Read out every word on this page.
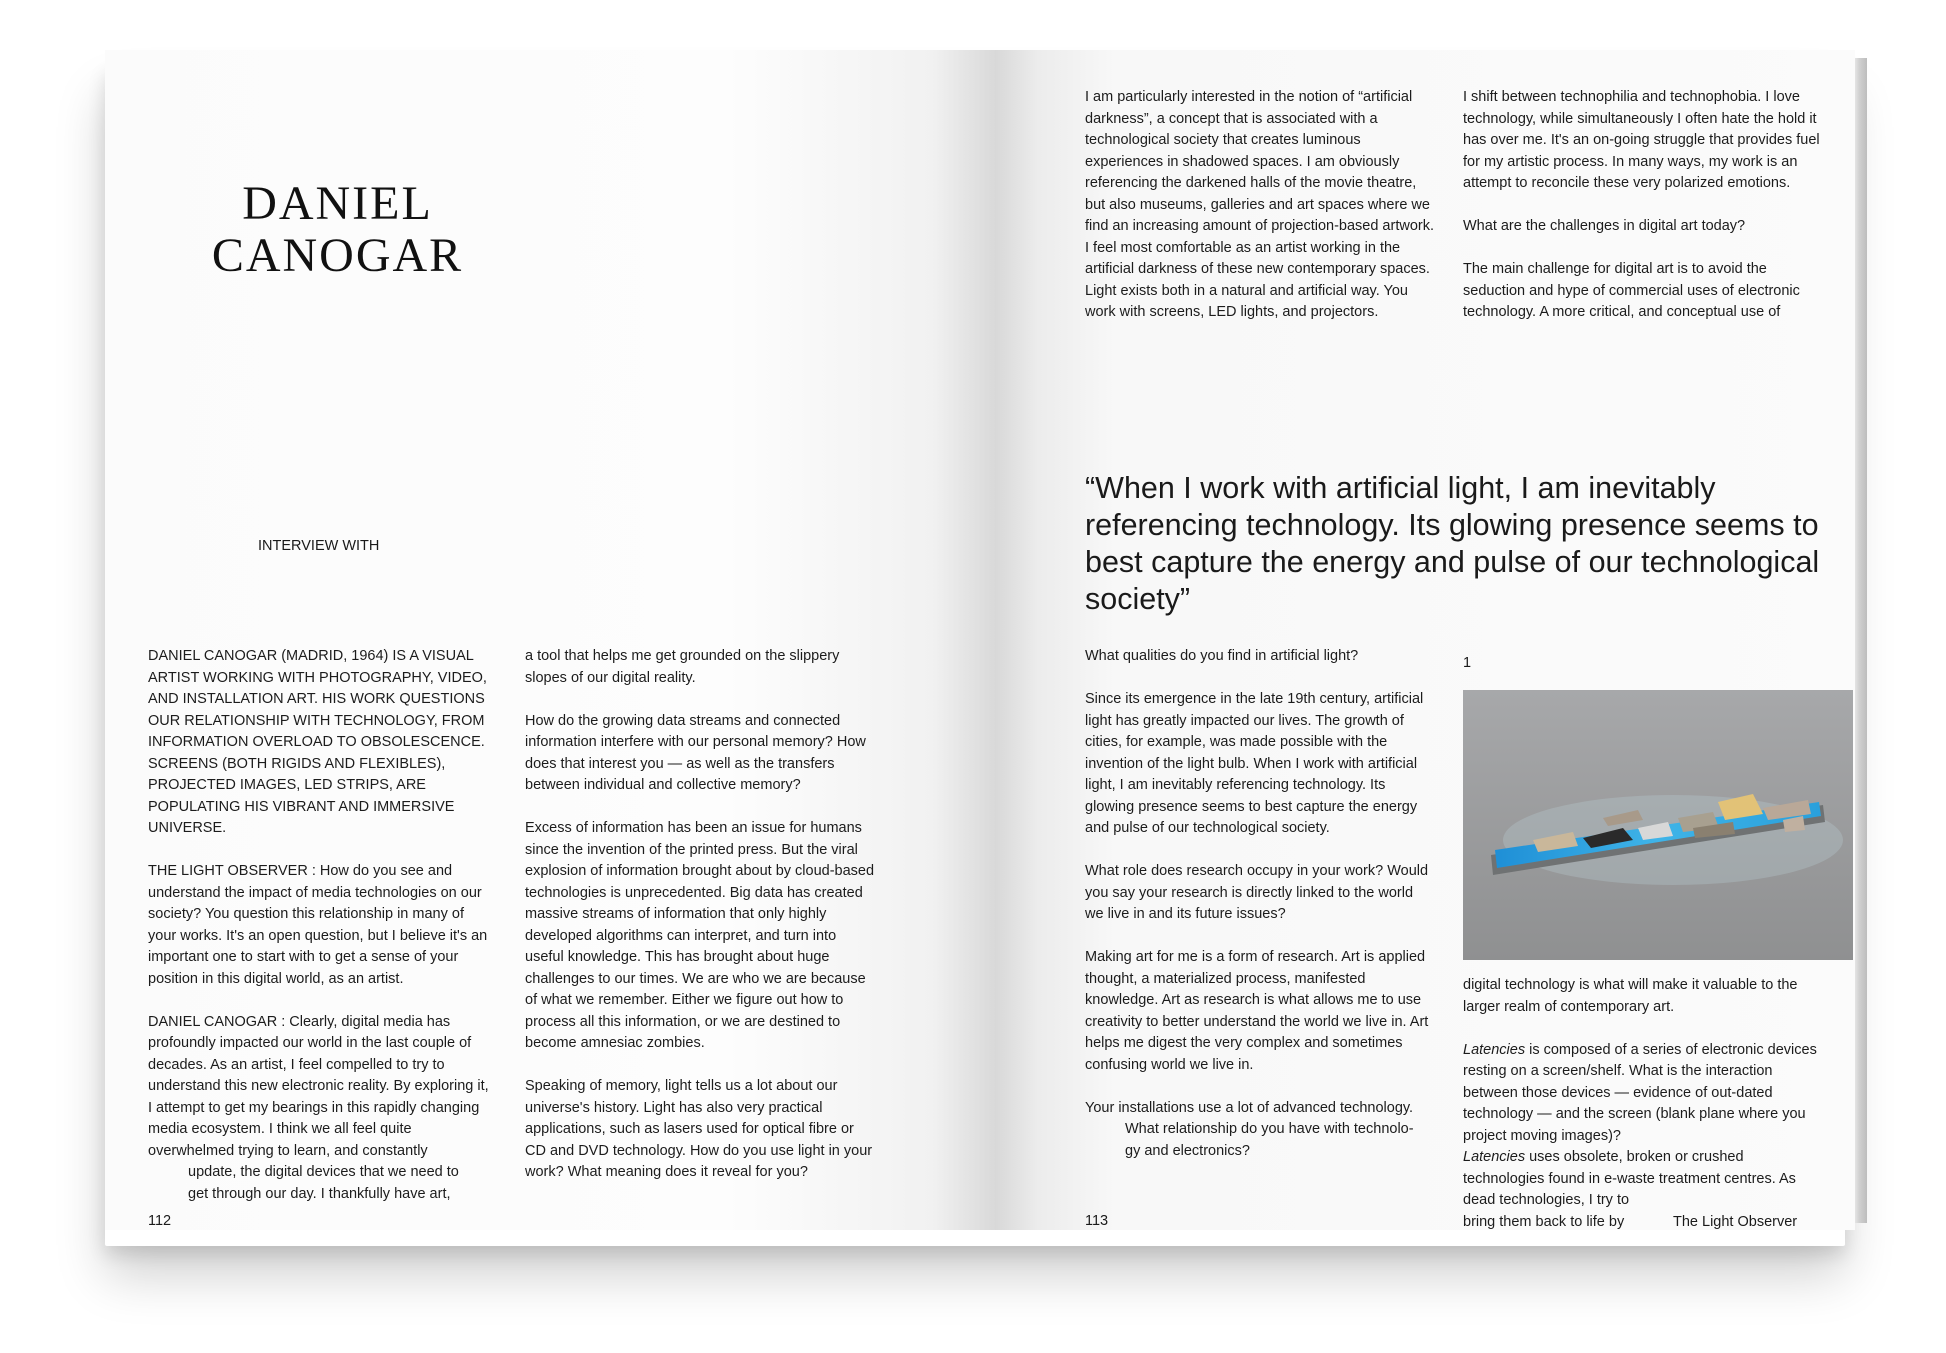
DANIEL
CANOGAR
INTERVIEW WITH

DANIEL CANOGAR (MADRID, 1964) IS A VISUAL ARTIST WORKING WITH PHOTOGRAPHY, VIDEO, AND INSTALLATION ART. HIS WORK QUESTIONS OUR RELATIONSHIP WITH TECHNOLOGY, FROM INFORMATION OVERLOAD TO OBSOLESCENCE. SCREENS (BOTH RIGIDS AND FLEXIBLES), PROJECTED IMAGES, LED STRIPS, ARE POPULATING HIS VIBRANT AND IMMERSIVE UNIVERSE.

THE LIGHT OBSERVER : How do you see and understand the impact of media technologies on our society? You question this relationship in many of your works. It's an open question, but I believe it's an important one to start with to get a sense of your position in this digital world, as an artist.

DANIEL CANOGAR : Clearly, digital media has profoundly impacted our world in the last couple of decades. As an artist, I feel compelled to try to understand this new electronic reality. By exploring it, I attempt to get my bearings in this rapidly changing media ecosystem. I think we all feel quite overwhelmed trying to learn, and constantly

update, the digital devices that we need to
get through our day. I thankfully have art,
112

a tool that helps me get grounded on the slippery slopes of our digital reality.

How do the growing data streams and connected information interfere with our personal memory? How does that interest you — as well as the transfers between individual and collective memory?

Excess of information has been an issue for humans since the invention of the printed press. But the viral explosion of information brought about by cloud-based technologies is unprecedented. Big data has created massive streams of information that only highly developed algorithms can interpret, and turn into useful knowledge. This has brought about huge challenges to our times. We are who we are because of what we remember. Either we figure out how to process all this information, or we are destined to become amnesiac zombies.

Speaking of memory, light tells us a lot about our universe's history. Light has also very practical applications, such as lasers used for optical fibre or CD and DVD technology. How do you use light in your work? What meaning does it reveal for you?

I am particularly interested in the notion of “artificial darkness”, a concept that is associated with a technological society that creates luminous experiences in shadowed spaces. I am obviously referencing the darkened halls of the movie theatre, but also museums, galleries and art spaces where we find an increasing amount of projection-based artwork. I feel most comfortable as an artist working in the artificial darkness of these new contemporary spaces.

Light exists both in a natural and artificial way. You work with screens, LED lights, and projectors.

I shift between technophilia and technophobia. I love technology, while simultaneously I often hate the hold it has over me. It's an on-going struggle that provides fuel for my artistic process. In many ways, my work is an attempt to reconcile these very polarized emotions.

What are the challenges in digital art today?

The main challenge for digital art is to avoid the seduction and hype of commercial uses of electronic technology. A more critical, and conceptual use of

“When I work with artificial light, I am inevitably referencing technology. Its glowing presence seems to best capture the energy and pulse of our technological society”
1

What qualities do you find in artificial light?

Since its emergence in the late 19th century, artificial light has greatly impacted our lives. The growth of cities, for example, was made possible with the invention of the light bulb. When I work with artificial light, I am inevitably referencing technology. Its glowing presence seems to best capture the energy and pulse of our technological society.

What role does research occupy in your work? Would you say your research is directly linked to the world we live in and its future issues?

Making art for me is a form of research. Art is applied thought, a materialized process, manifested knowledge. Art as research is what allows me to use creativity to better understand the world we live in. Art helps me digest the very complex and sometimes confusing world we live in.

Your installations use a lot of advanced technology.

What relationship do you have with technolo-
gy and electronics?
113

digital technology is what will make it valuable to the larger realm of contemporary art.

Latencies is composed of a series of electronic devices resting on a screen/shelf. What is the interaction between those devices — evidence of out-dated technology — and the screen (blank plane where you project moving images)?
Latencies uses obsolete, broken or crushed technologies found in e-waste treatment centres. As dead technologies, I try to
bring them back to life by	The Light Observer
